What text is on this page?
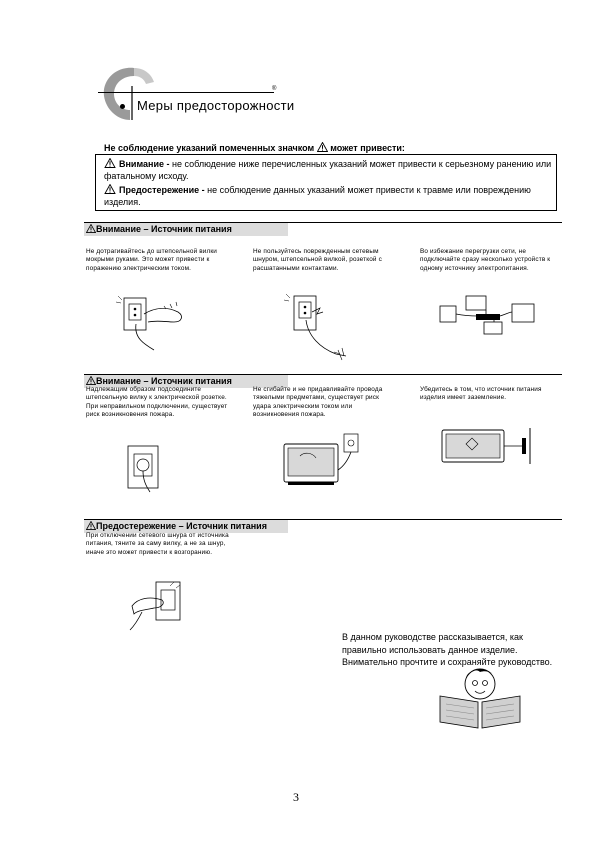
®
Меры предосторожности
Не соблюдение указаний помеченных значком может привести:
Внимание - не соблюдение ниже перечисленных указаний может привести к серьезному ранению или фатальному исходу.
Предостережение - не соблюдение данных указаний может привести к травме или повреждению изделия.
Внимание – Источник питания
Не дотрагивайтесь до штепсельной вилки мокрыми руками. Это может привести к поражению электрическим током.
Не пользуйтесь поврежденным сетевым шнуром, штепсельной вилкой, розеткой с расшатанными контактами.
Во избежание перегрузки сети, не подключайте сразу несколько устройств к одному источнику электропитания.
Внимание – Источник питания
Надлежащим образом подсоедините штепсельную вилку к электрической розетке. При неправильном подключении, существует риск возникновения пожара.
Не сгибайте и не придавливайте провода тяжелыми предметами, существует риск удара электрическим током или возникновения пожара.
Убедитесь в том, что источник питания изделия имеет заземление.
Предостережение – Источник питания
При отключении сетевого шнура от источника питания, тяните за саму вилку, а не за шнур, иначе это может привести к возгоранию.
В данном руководстве рассказывается, как
правильно использовать данное изделие.
Внимательно прочтите и сохраняйте руководство.
3
